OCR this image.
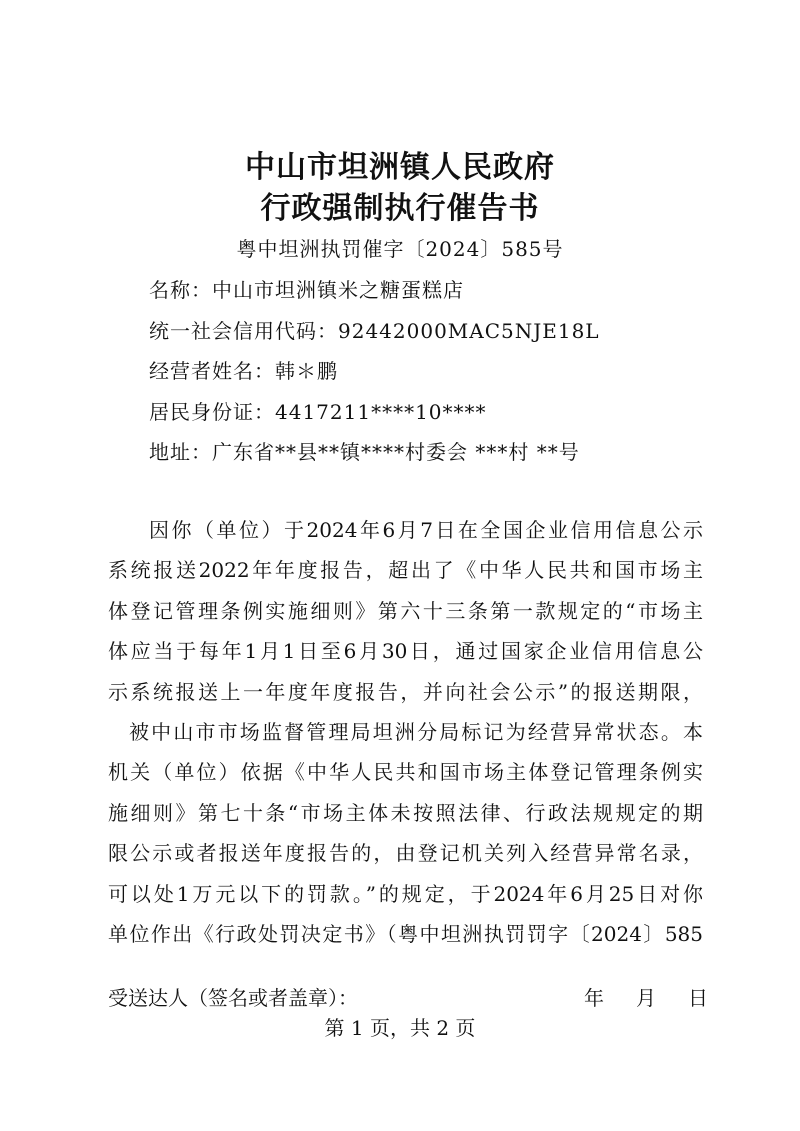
中山市坦洲镇人民政府
行政强制执行催告书
粤中坦洲执罚催字〔2024〕585号
名称：中山市坦洲镇米之糖蛋糕店
统一社会信用代码：92442000MAC5NJE18L
经营者姓名：韩＊鹏
居民身份证：4417211****10****
地址：广东省**县**镇****村委会 ***村 **号
因你（单位）于2024年6月7日在全国企业信用信息公示
系统报送2022年年度报告，超出了《中华人民共和国市场主
体登记管理条例实施细则》第六十三条第一款规定的“市场主
体应当于每年1月1日至6月30日，通过国家企业信用信息公
示系统报送上一年度年度报告，并向社会公示”的报送期限，
被中山市市场监督管理局坦洲分局标记为经营异常状态。本
机关（单位）依据《中华人民共和国市场主体登记管理条例实
施细则》第七十条“市场主体未按照法律、行政法规规定的期
限公示或者报送年度报告的，由登记机关列入经营异常名录，
可以处1万元以下的罚款。”的规定，于2024年6月25日对你
单位作出《行政处罚决定书》（粤中坦洲执罚罚字〔2024〕585
受送达人（签名或者盖章）：	年 月 日
第 1 页，共 2 页
